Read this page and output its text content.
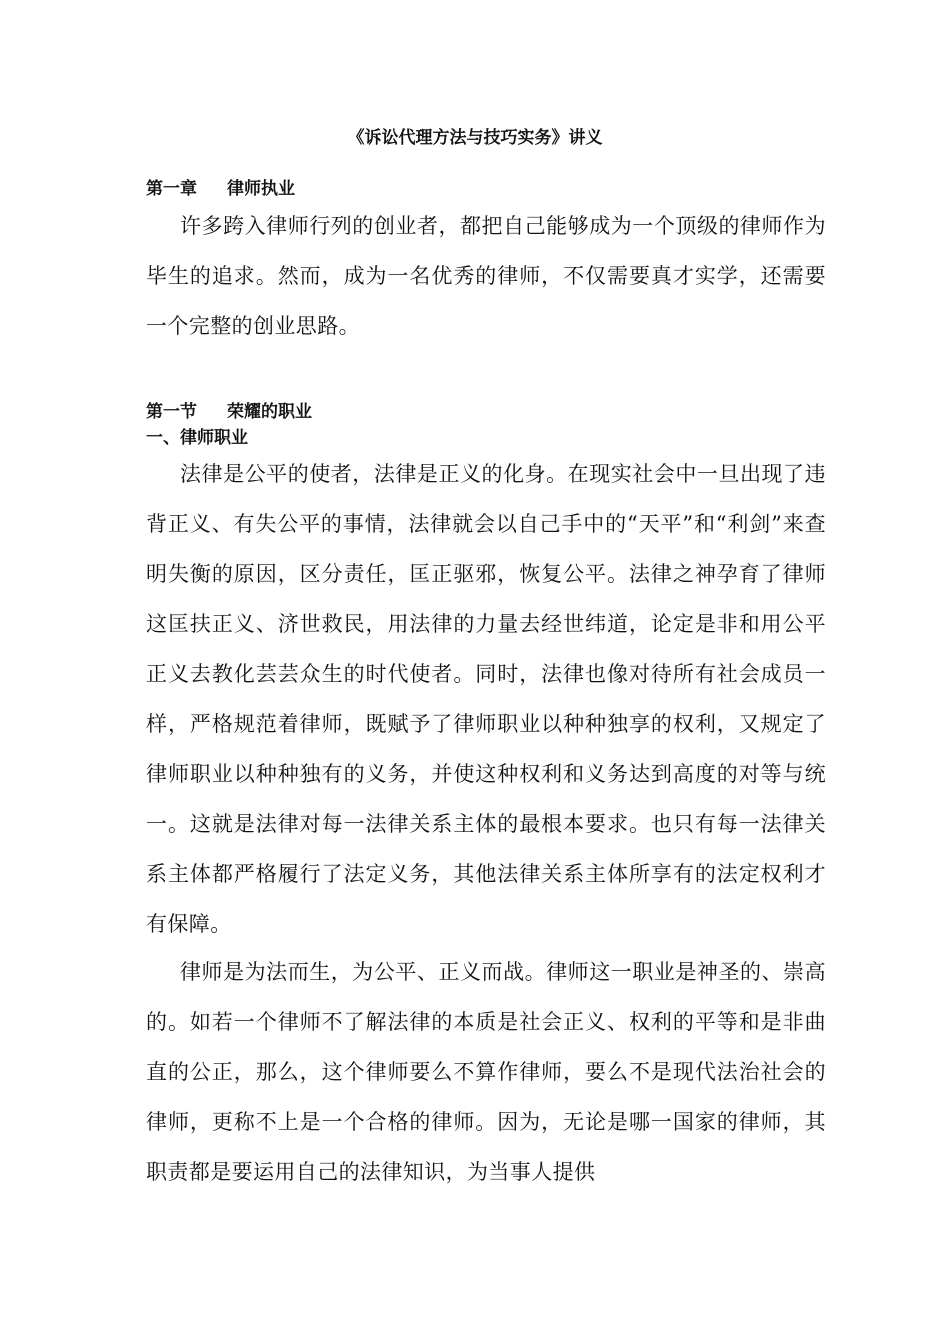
《诉讼代理方法与技巧实务》讲义
第一章 律师执业

许多跨入律师行列的创业者，都把自己能够成为一个顶级的律师作为毕生的追求。然而，成为一名优秀的律师，不仅需要真才实学，还需要一个完整的创业思路。

第一节 荣耀的职业
一、律师职业

法律是公平的使者，法律是正义的化身。在现实社会中一旦出现了违背正义、有失公平的事情，法律就会以自己手中的“天平”和“利剑”来查明失衡的原因，区分责任，匡正驱邪，恢复公平。法律之神孕育了律师这匡扶正义、济世救民，用法律的力量去经世纬道，论定是非和用公平正义去教化芸芸众生的时代使者。同时，法律也像对待所有社会成员一样，严格规范着律师，既赋予了律师职业以种种独享的权利，又规定了律师职业以种种独有的义务，并使这种权利和义务达到高度的对等与统一。这就是法律对每一法律关系主体的最根本要求。也只有每一法律关系主体都严格履行了法定义务，其他法律关系主体所享有的法定权利才有保障。

律师是为法而生，为公平、正义而战。律师这一职业是神圣的、崇高的。如若一个律师不了解法律的本质是社会正义、权利的平等和是非曲直的公正，那么，这个律师要么不算作律师，要么不是现代法治社会的律师，更称不上是一个合格的律师。因为，无论是哪一国家的律师，其职责都是要运用自己的法律知识，为当事人提供
